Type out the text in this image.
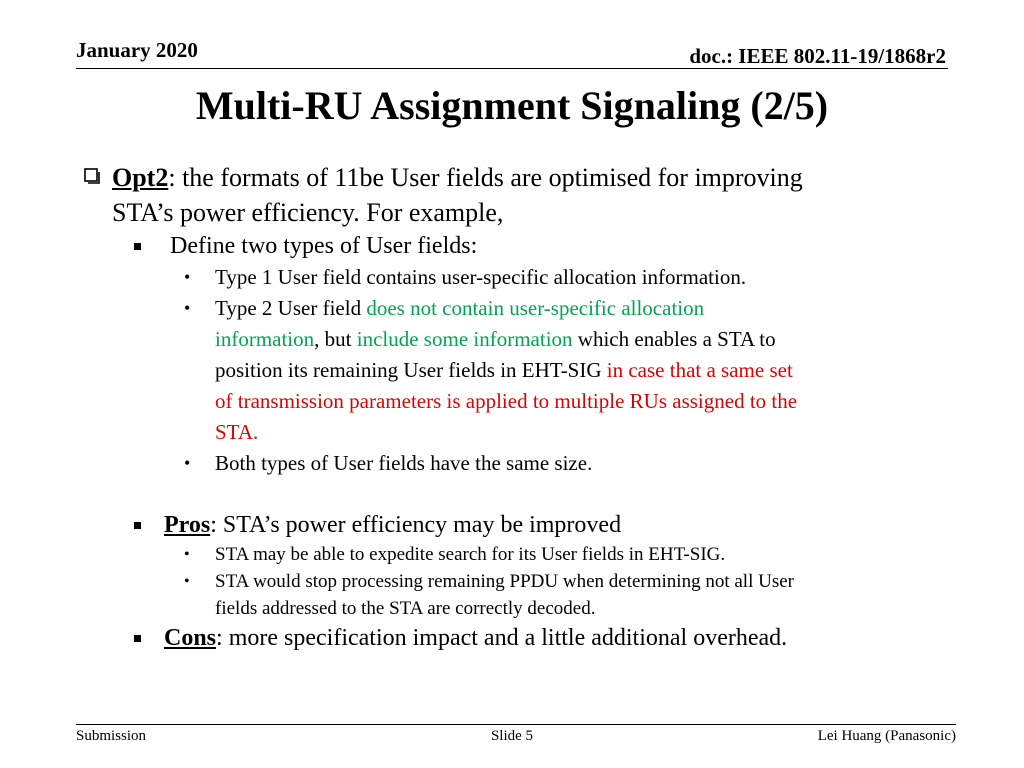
January 2020	doc.: IEEE 802.11-19/1868r2
Multi-RU Assignment Signaling (2/5)
Opt2: the formats of 11be User fields are optimised for improving
STA’s power efficiency. For example,
Define two types of User fields:
• Type 1 User field contains user-specific allocation information.
• Type 2 User field does not contain user-specific allocation
information, but include some information which enables a STA to
position its remaining User fields in EHT-SIG in case that a same set
of transmission parameters is applied to multiple RUs assigned to the
STA.
• Both types of User fields have the same size.
Pros: STA’s power efficiency may be improved
• STA may be able to expedite search for its User fields in EHT-SIG.
• STA would stop processing remaining PPDU when determining not all User
fields addressed to the STA are correctly decoded.
Cons: more specification impact and a little additional overhead.
Submission	Slide 5	Lei Huang (Panasonic)
